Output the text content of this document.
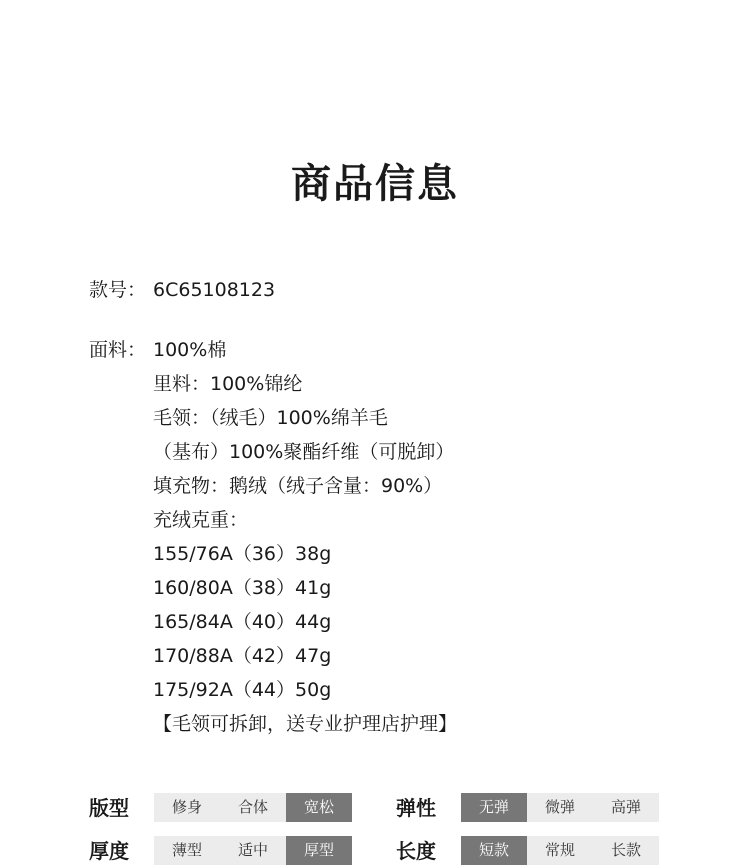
商品信息
款号： 6C65108123
面料： 100%棉
里料：100%锦纶
毛领：（绒毛）100%绵羊毛
（基布）100%聚酯纤维（可脱卸）
填充物：鹅绒（绒子含量：90%）
充绒克重：
155/76A（36）38g
160/80A（38）41g
165/84A（40）44g
170/88A（42）47g
175/92A（44）50g
【毛领可拆卸，送专业护理店护理】
版型	修身	合体	宽松	弹性	无弹	微弹	高弹
厚度	薄型	适中	厚型	长度	短款	常规	长款
